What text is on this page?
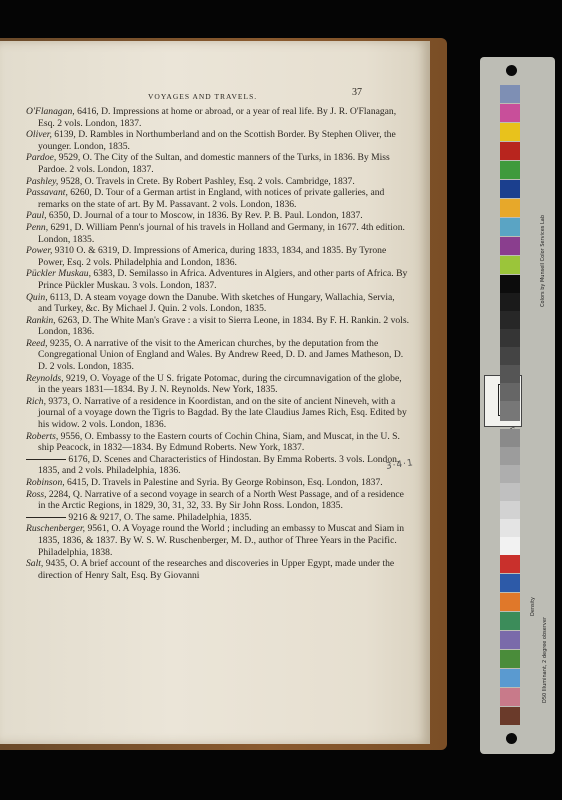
VOYAGES AND TRAVELS.	37

O'Flanagan, 6416, D. Impressions at home or abroad, or a year of real life. By J. R. O'Flanagan, Esq. 2 vols. London, 1837.

Oliver, 6139, D. Rambles in Northumberland and on the Scottish Border. By Stephen Oliver, the younger. London, 1835.

Pardoe, 9529, O. The City of the Sultan, and domestic manners of the Turks, in 1836. By Miss Pardoe. 2 vols. London, 1837.

Pashley, 9528, O. Travels in Crete. By Robert Pashley, Esq. 2 vols. Cambridge, 1837.

Passavant, 6260, D. Tour of a German artist in England, with notices of private galleries, and remarks on the state of art. By M. Passavant. 2 vols. London, 1836.

Paul, 6350, D. Journal of a tour to Moscow, in 1836. By Rev. P. B. Paul. London, 1837.

Penn, 6291, D. William Penn's journal of his travels in Holland and Germany, in 1677. 4th edition. London, 1835.

Power, 9310 O. & 6319, D. Impressions of America, during 1833, 1834, and 1835. By Tyrone Power, Esq. 2 vols. Philadelphia and London, 1836.

Pückler Muskau, 6383, D. Semilasso in Africa. Adventures in Algiers, and other parts of Africa. By Prince Pückler Muskau. 3 vols. London, 1837.

Quin, 6113, D. A steam voyage down the Danube. With sketches of Hungary, Wallachia, Servia, and Turkey, &c. By Michael J. Quin. 2 vols. London, 1835.

Rankin, 6263, D. The White Man's Grave : a visit to Sierra Leone, in 1834. By F. H. Rankin. 2 vols. London, 1836.

Reed, 9235, O. A narrative of the visit to the American churches, by the deputation from the Congregational Union of England and Wales. By Andrew Reed, D. D. and James Matheson, D. D. 2 vols. London, 1835.

Reynolds, 9219, O. Voyage of the U S. frigate Potomac, during the circumnavigation of the globe, in the years 1831—1834. By J. N. Reynolds. New York, 1835.

Rich, 9373, O. Narrative of a residence in Koordistan, and on the site of ancient Nineveh, with a journal of a voyage down the Tigris to Bagdad. By the late Claudius James Rich, Esq. Edited by his widow. 2 vols. London, 1836.

Roberts, 9556, O. Embassy to the Eastern courts of Cochin China, Siam, and Muscat, in the U. S. ship Peacock, in 1832—1834. By Edmund Roberts. New York, 1837.

6176, D. Scenes and Characteristics of Hindostan. By Emma Roberts. 3 vols. London, 1835, and 2 vols. Philadelphia, 1836.

Robinson, 6415, D. Travels in Palestine and Syria. By George Robinson, Esq. London, 1837.

Ross, 2284, Q. Narrative of a second voyage in search of a North West Passage, and of a residence in the Arctic Regions, in 1829, 30, 31, 32, 33. By Sir John Ross. London, 1835.

9216 & 9217, O. The same. Philadelphia, 1835.

Ruschenberger, 9561, O. A Voyage round the World ; including an embassy to Muscat and Siam in 1835, 1836, & 1837. By W. S. W. Ruschenberger, M. D., author of Three Years in the Pacific. Philadelphia, 1838.

Salt, 9435, O. A brief account of the researches and discoveries in Upper Egypt, made under the direction of Henry Salt, Esq. By Giovanni

3·4·1
Colors by Munsell Color Services Lab
Density
D50 Illuminant, 2 degree observer
